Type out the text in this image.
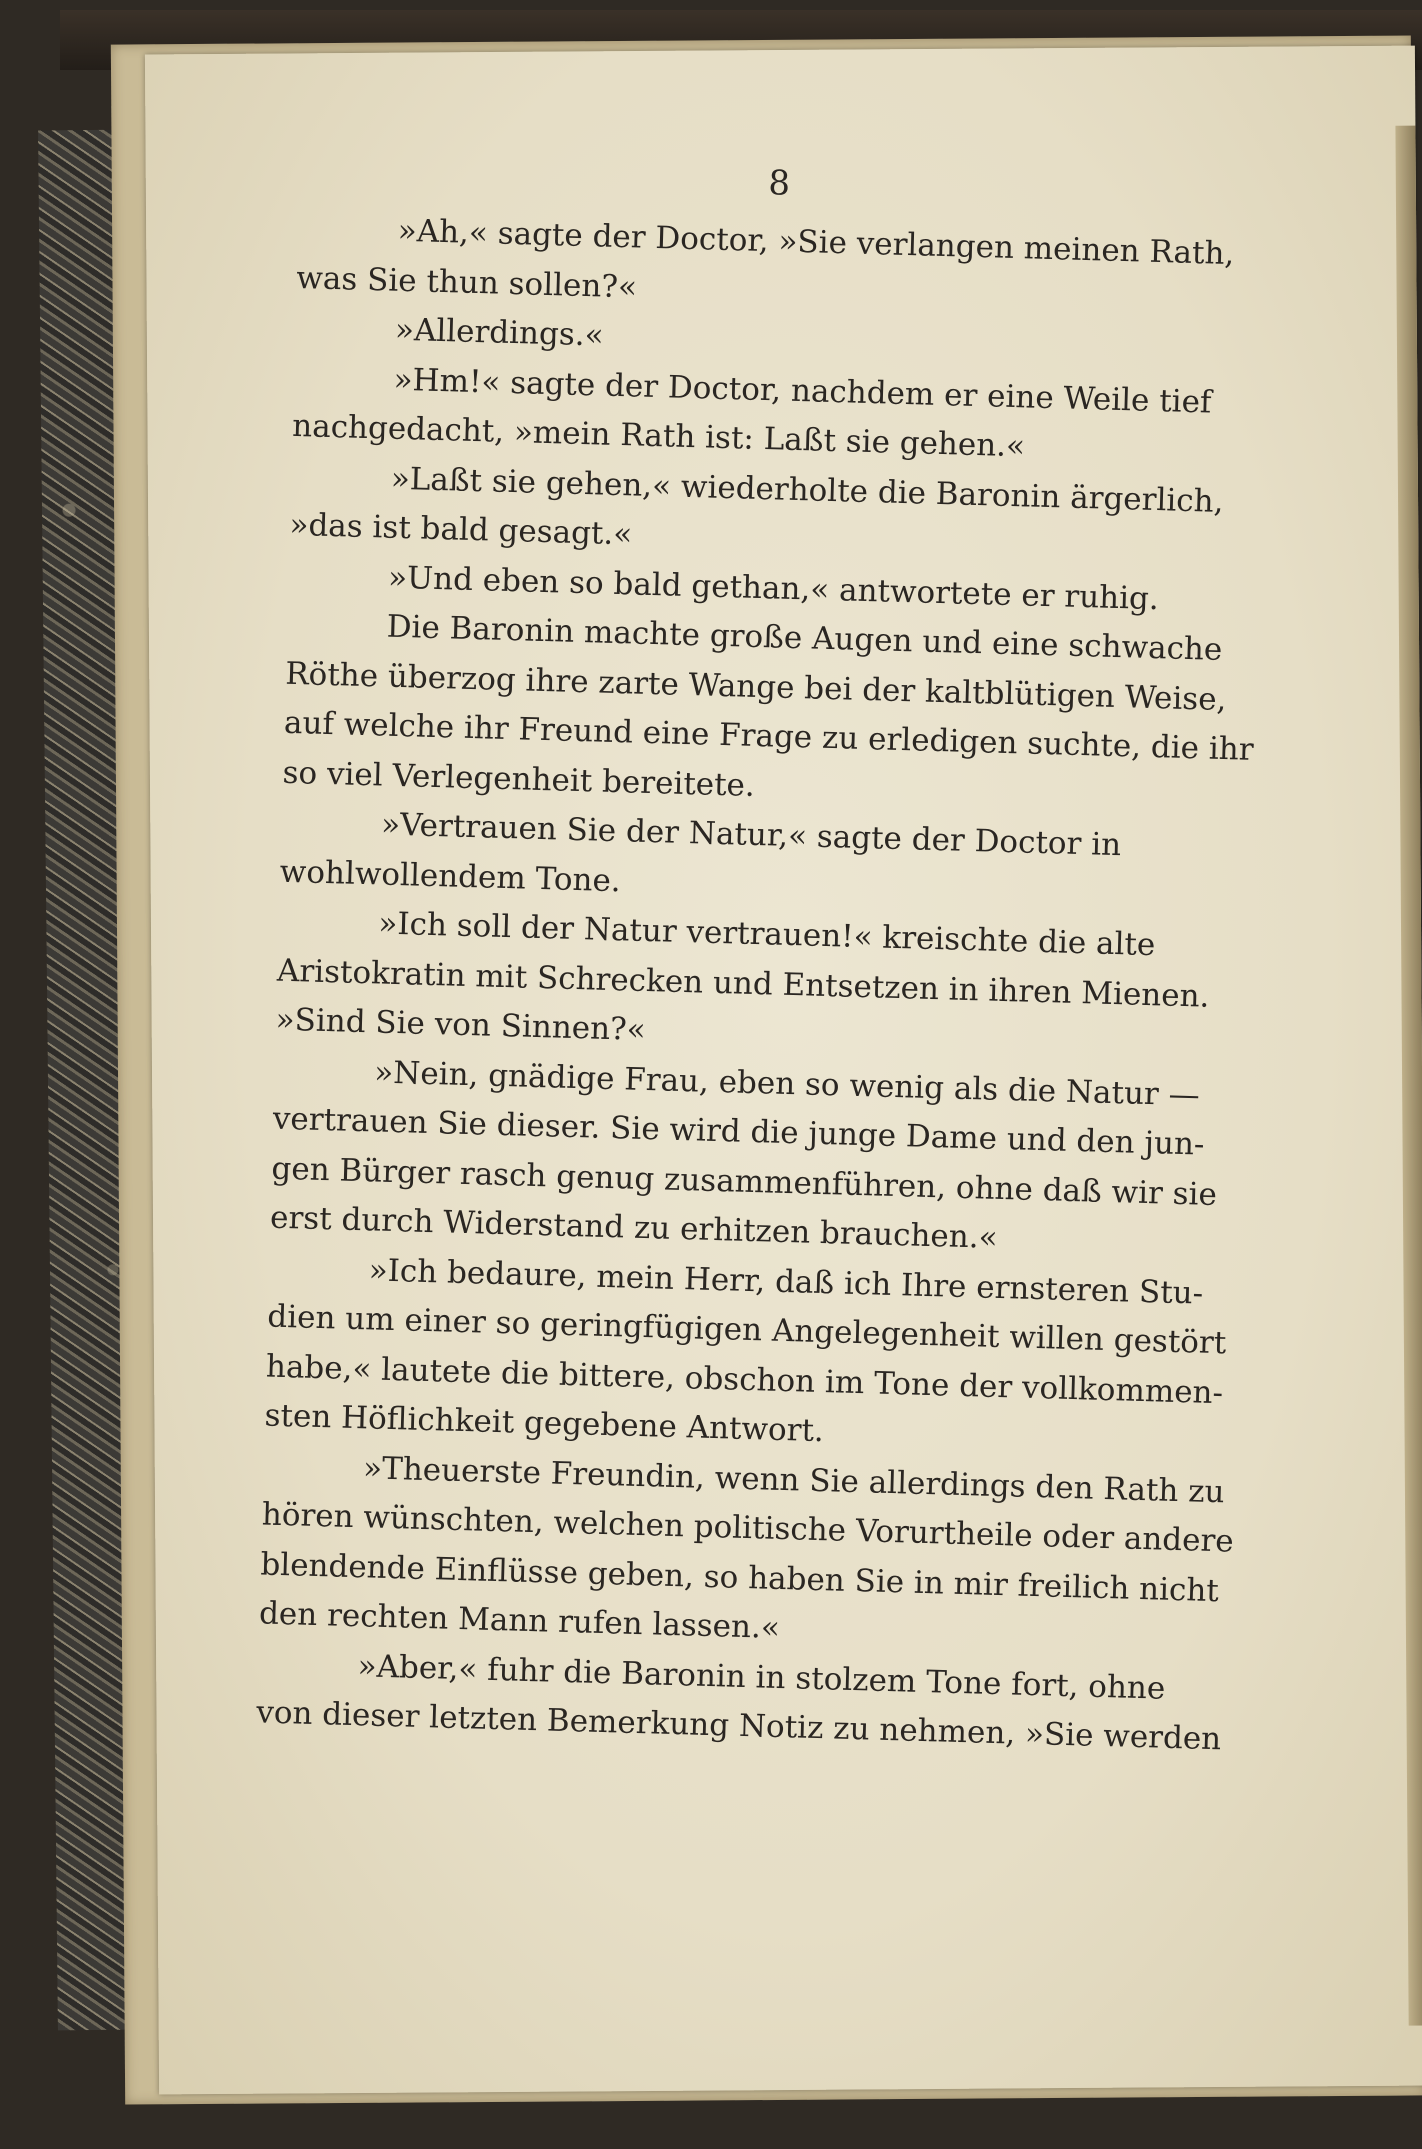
8
»Ah,« sagte der Doctor, »Sie verlangen meinen Rath,
was Sie thun sollen?«
»Allerdings.«
»Hm!« sagte der Doctor, nachdem er eine Weile tief
nachgedacht, »mein Rath ist: Laßt sie gehen.«
»Laßt sie gehen,« wiederholte die Baronin ärgerlich,
»das ist bald gesagt.«
»Und eben so bald gethan,« antwortete er ruhig.
Die Baronin machte große Augen und eine schwache
Röthe überzog ihre zarte Wange bei der kaltblütigen Weise,
auf welche ihr Freund eine Frage zu erledigen suchte, die ihr
so viel Verlegenheit bereitete.
»Vertrauen Sie der Natur,« sagte der Doctor in
wohlwollendem Tone.
»Ich soll der Natur vertrauen!« kreischte die alte
Aristokratin mit Schrecken und Entsetzen in ihren Mienen.
»Sind Sie von Sinnen?«
»Nein, gnädige Frau, eben so wenig als die Natur —
vertrauen Sie dieser. Sie wird die junge Dame und den jun-
gen Bürger rasch genug zusammenführen, ohne daß wir sie
erst durch Widerstand zu erhitzen brauchen.«
»Ich bedaure, mein Herr, daß ich Ihre ernsteren Stu-
dien um einer so geringfügigen Angelegenheit willen gestört
habe,« lautete die bittere, obschon im Tone der vollkommen-
sten Höflichkeit gegebene Antwort.
»Theuerste Freundin, wenn Sie allerdings den Rath zu
hören wünschten, welchen politische Vorurtheile oder andere
blendende Einflüsse geben, so haben Sie in mir freilich nicht
den rechten Mann rufen lassen.«
»Aber,« fuhr die Baronin in stolzem Tone fort, ohne
von dieser letzten Bemerkung Notiz zu nehmen, »Sie werden
